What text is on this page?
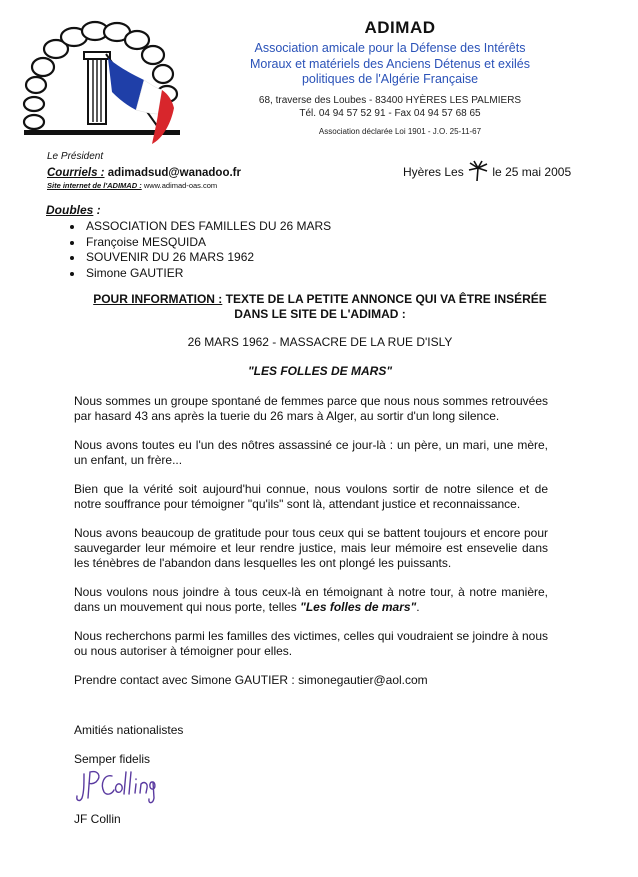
ADIMAD
Association amicale pour la Défense des Intérêts
Moraux et matériels des Anciens Détenus et exilés
politiques de l'Algérie Française
68, traverse des Loubes - 83400 HYÈRES LES PALMIERS
Tél. 04 94 57 52 91 - Fax 04 94 57 68 65
Association déclarée Loi 1901 - J.O. 25-11-67
Le Président
Courriels : adimadsud@wanadoo.fr
Site internet de l'ADIMAD : www.adimad-oas.com
Hyères Les le 25 mai 2005
Doubles :
• ASSOCIATION DES FAMILLES DU 26 MARS
• Françoise MESQUIDA
• SOUVENIR DU 26 MARS 1962
• Simone GAUTIER
POUR INFORMATION : TEXTE DE LA PETITE ANNONCE QUI VA ÊTRE INSÉRÉE
DANS LE SITE DE L'ADIMAD :
26 MARS 1962 - MASSACRE DE LA RUE D'ISLY
"LES FOLLES DE MARS"

Nous sommes un groupe spontané de femmes parce que nous nous sommes retrouvées par hasard 43 ans après la tuerie du 26 mars à Alger, au sortir d'un long silence.

Nous avons toutes eu l'un des nôtres assassiné ce jour-là : un père, un mari, une mère, un enfant, un frère...

Bien que la vérité soit aujourd'hui connue, nous voulons sortir de notre silence et de notre souffrance pour témoigner "qu'ils" sont là, attendant justice et reconnaissance.

Nous avons beaucoup de gratitude pour tous ceux qui se battent toujours et encore pour sauvegarder leur mémoire et leur rendre justice, mais leur mémoire est ensevelie dans les ténèbres de l'abandon dans lesquelles les ont plongé les puissants.

Nous voulons nous joindre à tous ceux-là en témoignant à notre tour, à notre manière, dans un mouvement qui nous porte, telles "Les folles de mars".

Nous recherchons parmi les familles des victimes, celles qui voudraient se joindre à nous ou nous autoriser à témoigner pour elles.

Prendre contact avec Simone GAUTIER : simonegautier@aol.com

Amitiés nationalistes
Semper fidelis
JF Collin
